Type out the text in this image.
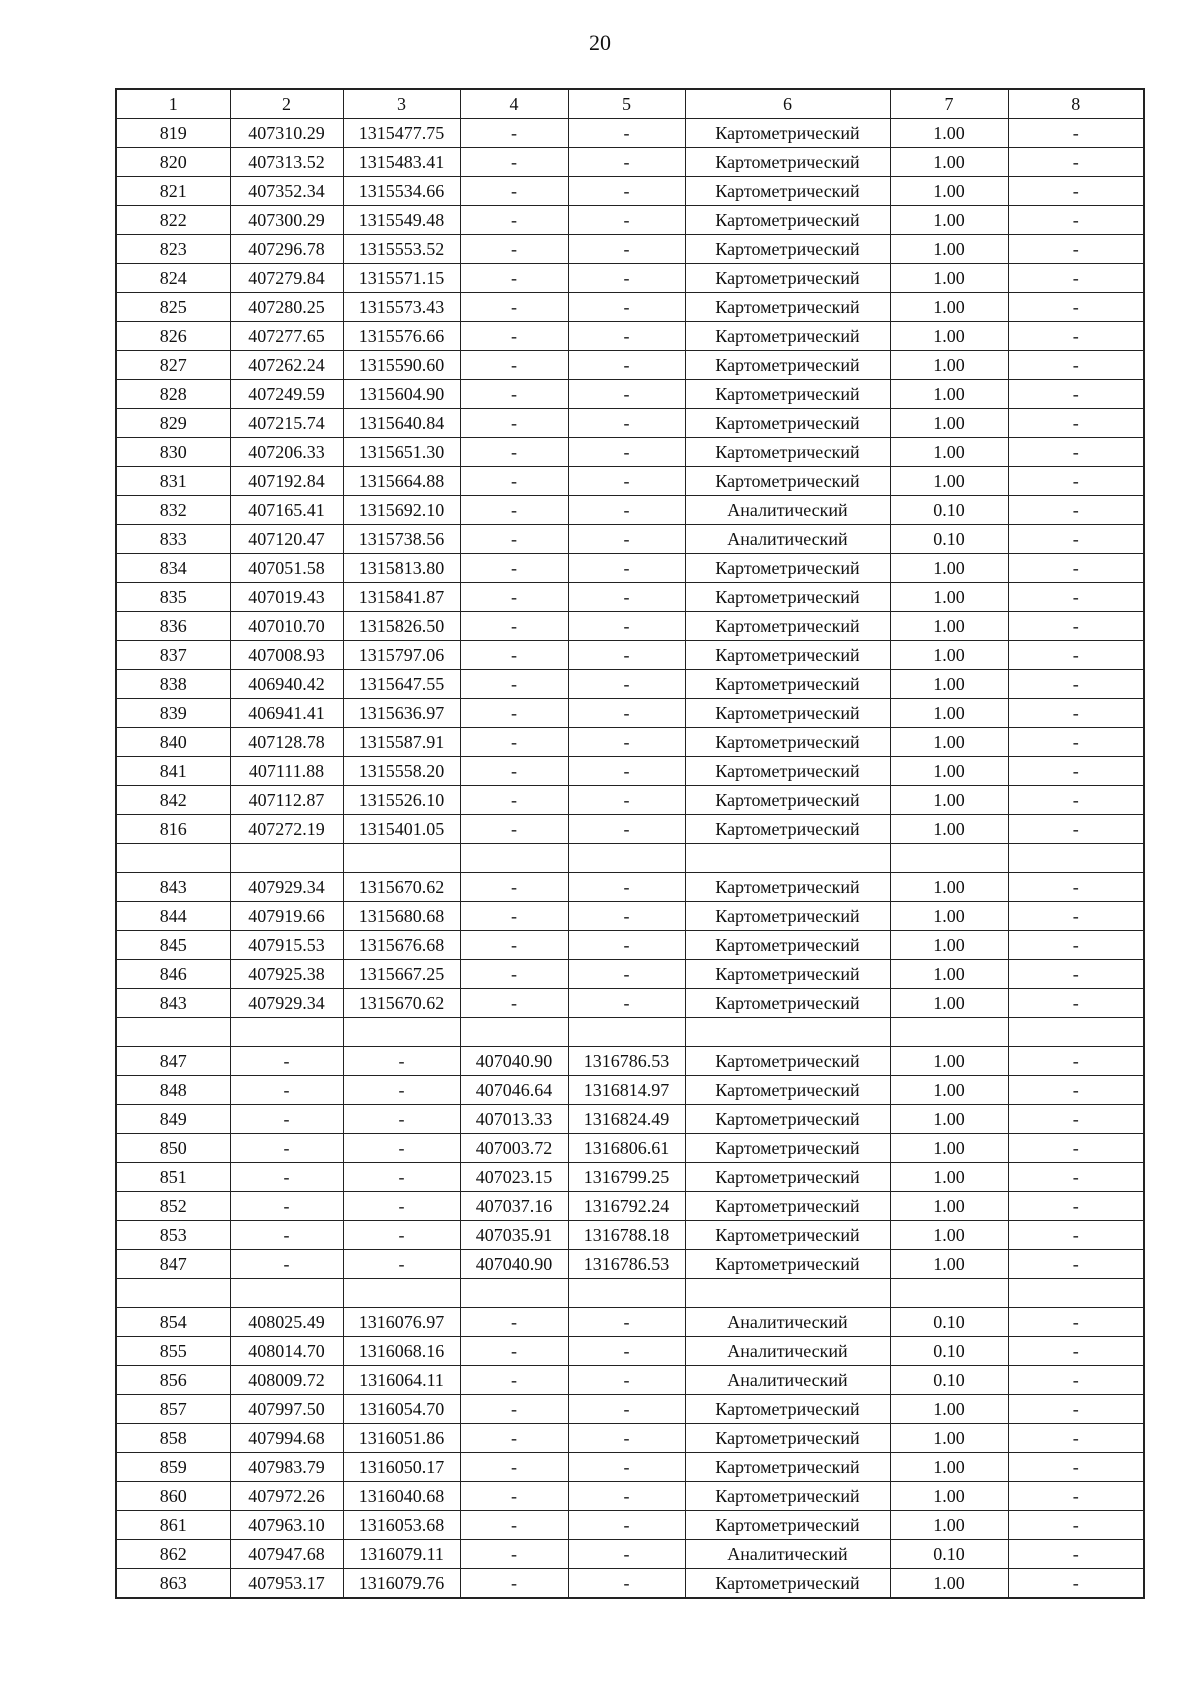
20
1	2	3	4	5	6	7	8
819	407310.29	1315477.75	-	-	Картометрический	1.00	-
820	407313.52	1315483.41	-	-	Картометрический	1.00	-
821	407352.34	1315534.66	-	-	Картометрический	1.00	-
822	407300.29	1315549.48	-	-	Картометрический	1.00	-
823	407296.78	1315553.52	-	-	Картометрический	1.00	-
824	407279.84	1315571.15	-	-	Картометрический	1.00	-
825	407280.25	1315573.43	-	-	Картометрический	1.00	-
826	407277.65	1315576.66	-	-	Картометрический	1.00	-
827	407262.24	1315590.60	-	-	Картометрический	1.00	-
828	407249.59	1315604.90	-	-	Картометрический	1.00	-
829	407215.74	1315640.84	-	-	Картометрический	1.00	-
830	407206.33	1315651.30	-	-	Картометрический	1.00	-
831	407192.84	1315664.88	-	-	Картометрический	1.00	-
832	407165.41	1315692.10	-	-	Аналитический	0.10	-
833	407120.47	1315738.56	-	-	Аналитический	0.10	-
834	407051.58	1315813.80	-	-	Картометрический	1.00	-
835	407019.43	1315841.87	-	-	Картометрический	1.00	-
836	407010.70	1315826.50	-	-	Картометрический	1.00	-
837	407008.93	1315797.06	-	-	Картометрический	1.00	-
838	406940.42	1315647.55	-	-	Картометрический	1.00	-
839	406941.41	1315636.97	-	-	Картометрический	1.00	-
840	407128.78	1315587.91	-	-	Картометрический	1.00	-
841	407111.88	1315558.20	-	-	Картометрический	1.00	-
842	407112.87	1315526.10	-	-	Картометрический	1.00	-
816	407272.19	1315401.05	-	-	Картометрический	1.00	-

843	407929.34	1315670.62	-	-	Картометрический	1.00	-
844	407919.66	1315680.68	-	-	Картометрический	1.00	-
845	407915.53	1315676.68	-	-	Картометрический	1.00	-
846	407925.38	1315667.25	-	-	Картометрический	1.00	-
843	407929.34	1315670.62	-	-	Картометрический	1.00	-

847	-	-	407040.90	1316786.53	Картометрический	1.00	-
848	-	-	407046.64	1316814.97	Картометрический	1.00	-
849	-	-	407013.33	1316824.49	Картометрический	1.00	-
850	-	-	407003.72	1316806.61	Картометрический	1.00	-
851	-	-	407023.15	1316799.25	Картометрический	1.00	-
852	-	-	407037.16	1316792.24	Картометрический	1.00	-
853	-	-	407035.91	1316788.18	Картометрический	1.00	-
847	-	-	407040.90	1316786.53	Картометрический	1.00	-

854	408025.49	1316076.97	-	-	Аналитический	0.10	-
855	408014.70	1316068.16	-	-	Аналитический	0.10	-
856	408009.72	1316064.11	-	-	Аналитический	0.10	-
857	407997.50	1316054.70	-	-	Картометрический	1.00	-
858	407994.68	1316051.86	-	-	Картометрический	1.00	-
859	407983.79	1316050.17	-	-	Картометрический	1.00	-
860	407972.26	1316040.68	-	-	Картометрический	1.00	-
861	407963.10	1316053.68	-	-	Картометрический	1.00	-
862	407947.68	1316079.11	-	-	Аналитический	0.10	-
863	407953.17	1316079.76	-	-	Картометрический	1.00	-
